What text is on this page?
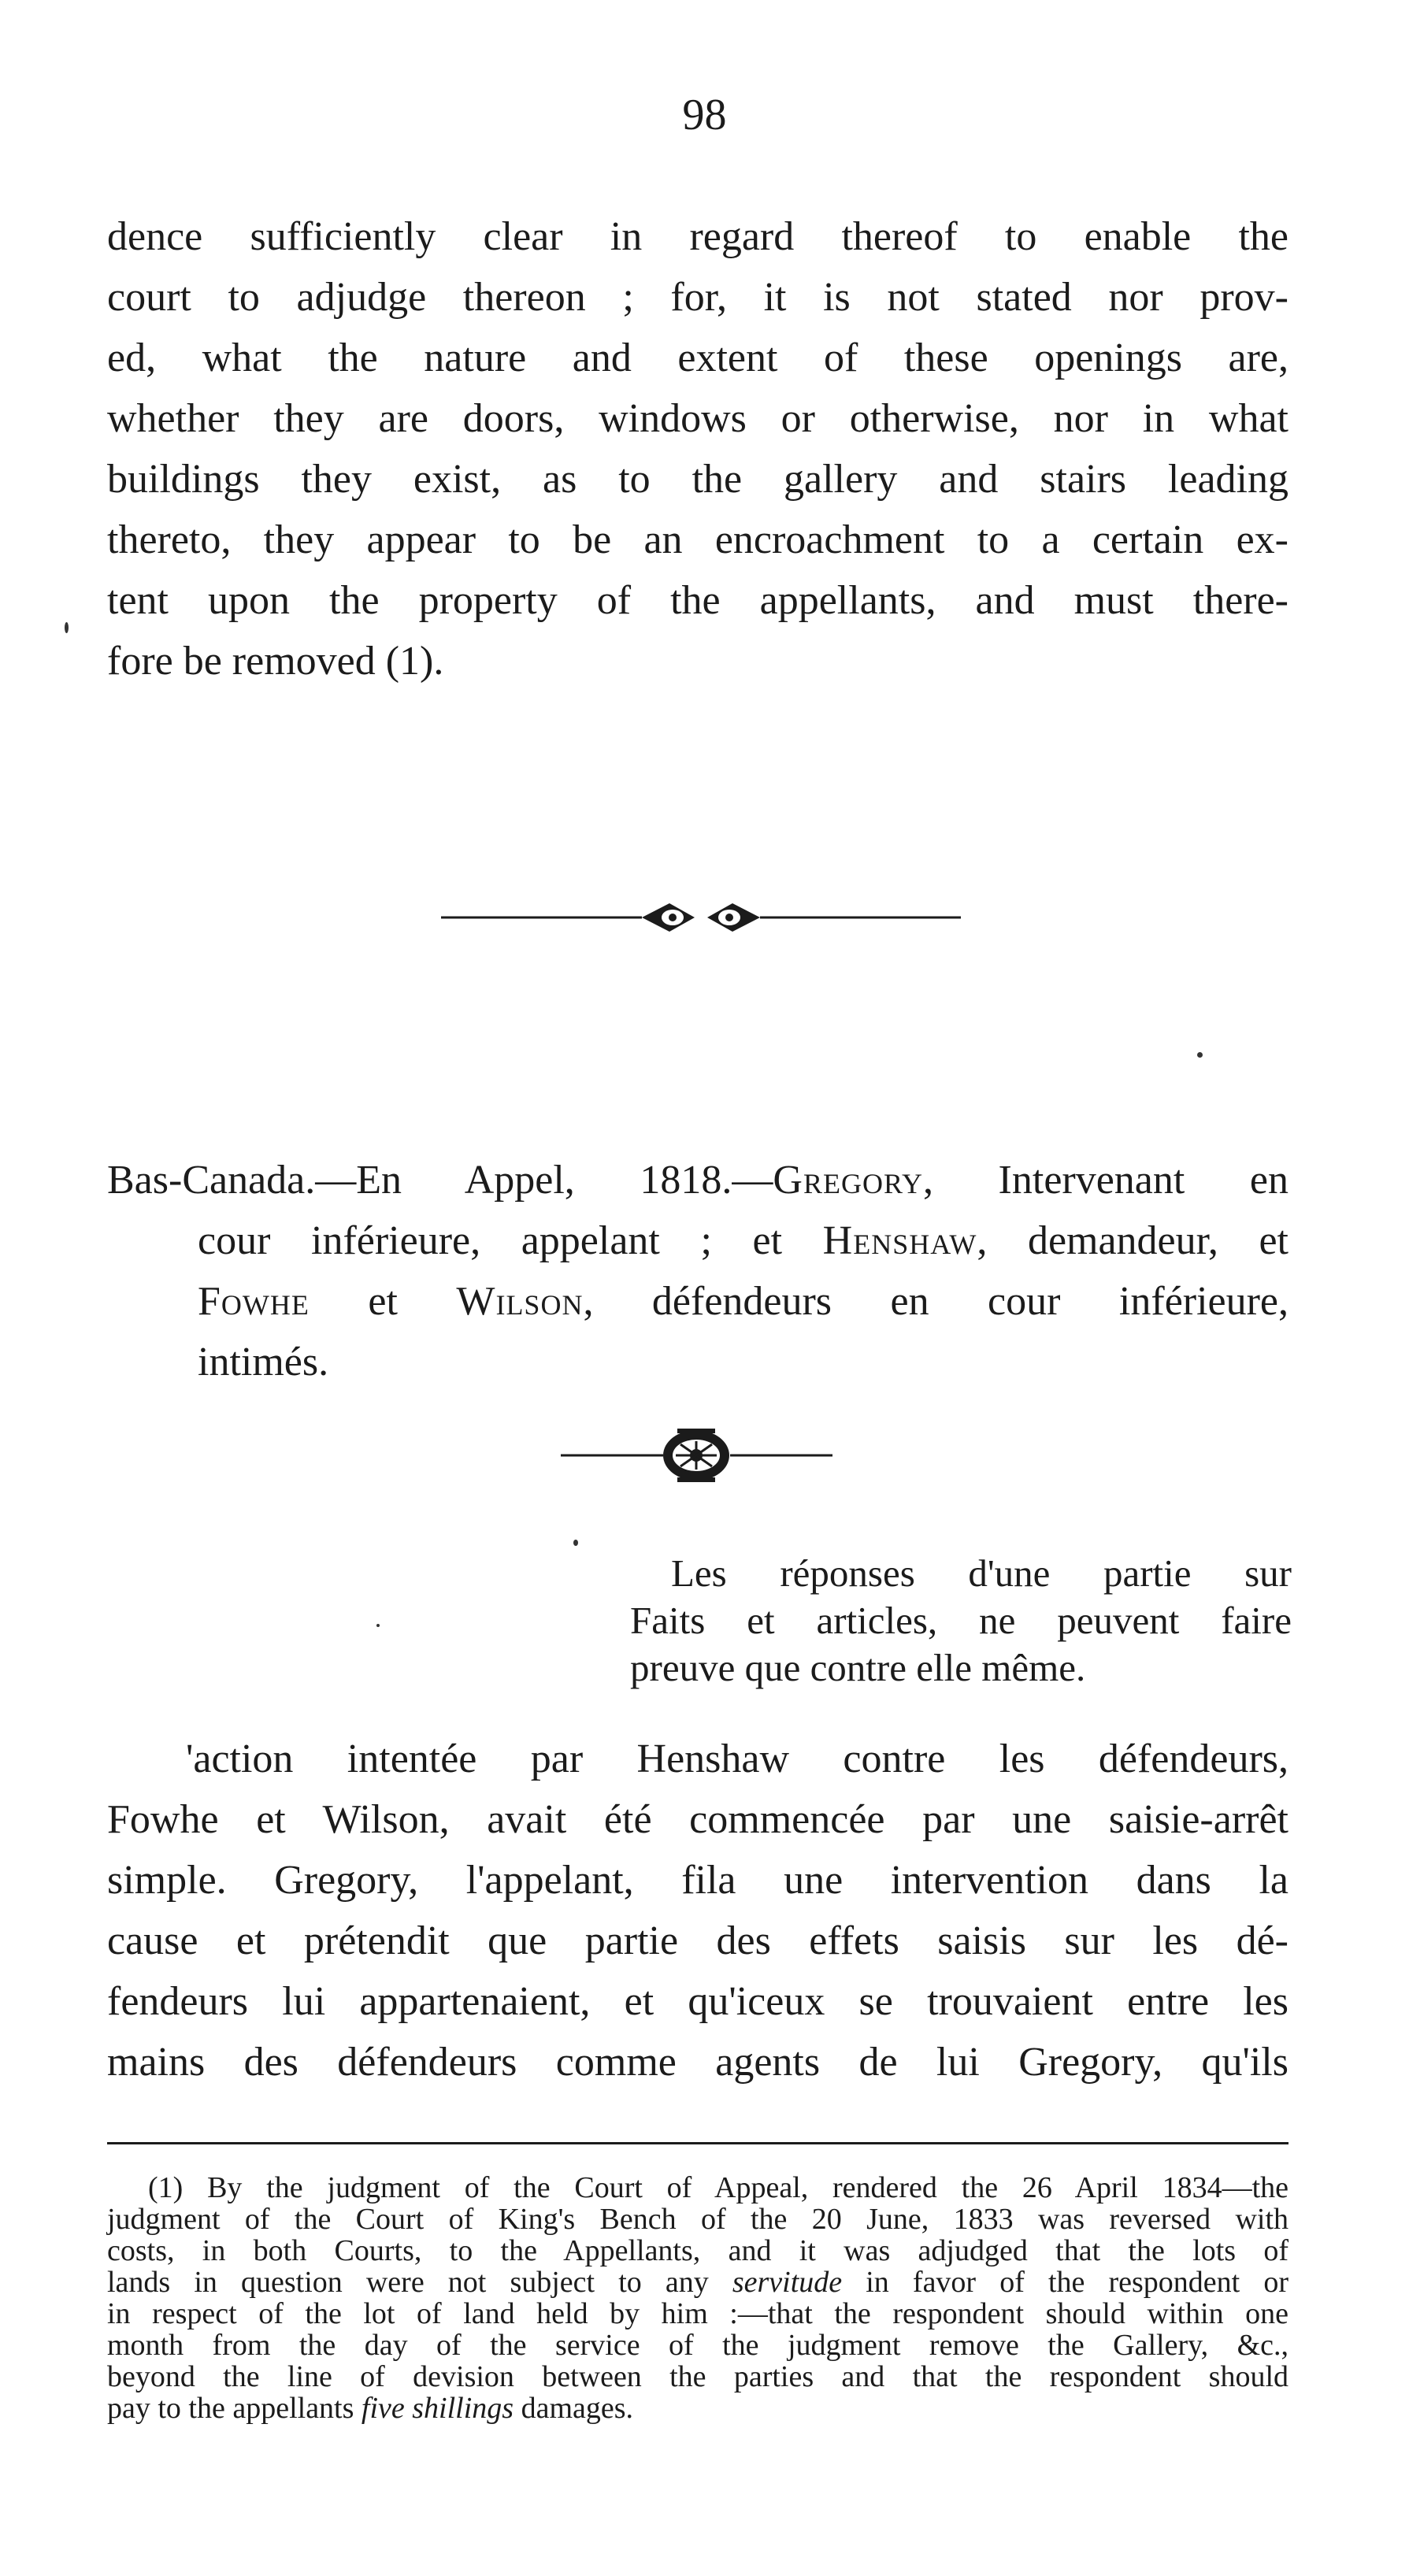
98
dence sufficiently clear in regard thereof to enable the
court to adjudge thereon ; for, it is not stated nor prov-
ed, what the nature and extent of these openings are,
whether they are doors, windows or otherwise, nor in what
buildings they exist, as to the gallery and stairs leading
thereto, they appear to be an encroachment to a certain ex-
tent upon the property of the appellants, and must there-
fore be removed (1).
Bas-Canada.—En Appel, 1818.—Gregory, Intervenant en
cour inférieure, appelant ; et Henshaw, demandeur, et
Fowhe et Wilson, défendeurs en cour inférieure,
intimés.
Les réponses d'une partie sur
Faits et articles, ne peuvent faire
preuve que contre elle même.
'action intentée par Henshaw contre les défendeurs,
Fowhe et Wilson, avait été commencée par une saisie-arrêt
simple. Gregory, l'appelant, fila une intervention dans la
cause et prétendit que partie des effets saisis sur les dé-
fendeurs lui appartenaient, et qu'iceux se trouvaient entre les
mains des défendeurs comme agents de lui Gregory, qu'ils
(1) By the judgment of the Court of Appeal, rendered the 26 April 1834—the
judgment of the Court of King's Bench of the 20 June, 1833 was reversed with
costs, in both Courts, to the Appellants, and it was adjudged that the lots of
lands in question were not subject to any servitude in favor of the respondent or
in respect of the lot of land held by him :—that the respondent should within one
month from the day of the service of the judgment remove the Gallery, &c.,
beyond the line of devision between the parties and that the respondent should
pay to the appellants five shillings damages.
